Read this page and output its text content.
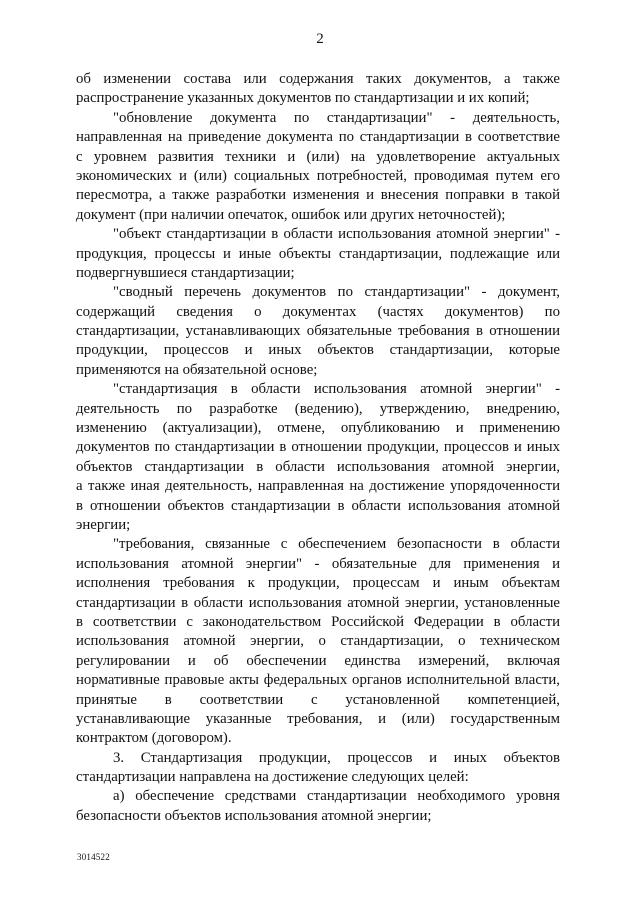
2
об изменении состава или содержания таких документов, а также
распространение указанных документов по стандартизации и их копий;
"обновление документа по стандартизации" - деятельность,
направленная на приведение документа по стандартизации в соответствие
с уровнем развития техники и (или) на удовлетворение актуальных
экономических и (или) социальных потребностей, проводимая путем его
пересмотра, а также разработки изменения и внесения поправки в такой
документ (при наличии опечаток, ошибок или других неточностей);
"объект стандартизации в области использования атомной энергии" -
продукция, процессы и иные объекты стандартизации, подлежащие или
подвергнувшиеся стандартизации;
"сводный перечень документов по стандартизации" - документ,
содержащий сведения о документах (частях документов) по
стандартизации, устанавливающих обязательные требования в отношении
продукции, процессов и иных объектов стандартизации, которые
применяются на обязательной основе;
"стандартизация в области использования атомной энергии" -
деятельность по разработке (ведению), утверждению, внедрению,
изменению (актуализации), отмене, опубликованию и применению
документов по стандартизации в отношении продукции, процессов и иных
объектов стандартизации в области использования атомной энергии,
а также иная деятельность, направленная на достижение упорядоченности
в отношении объектов стандартизации в области использования атомной
энергии;
"требования, связанные с обеспечением безопасности в области
использования атомной энергии" - обязательные для применения и
исполнения требования к продукции, процессам и иным объектам
стандартизации в области использования атомной энергии, установленные
в соответствии с законодательством Российской Федерации в области
использования атомной энергии, о стандартизации, о техническом
регулировании и об обеспечении единства измерений, включая
нормативные правовые акты федеральных органов исполнительной власти,
принятые в соответствии с установленной компетенцией,
устанавливающие указанные требования, и (или) государственным
контрактом (договором).
3. Стандартизация продукции, процессов и иных объектов
стандартизации направлена на достижение следующих целей:
а) обеспечение средствами стандартизации необходимого уровня
безопасности объектов использования атомной энергии;
3014522
